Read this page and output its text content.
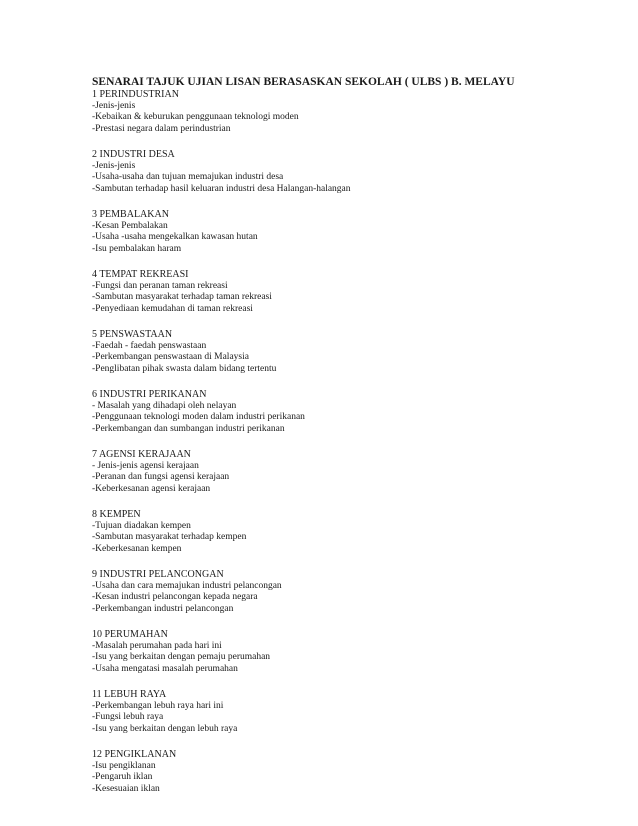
SENARAI TAJUK UJIAN LISAN BERASASKAN SEKOLAH ( ULBS ) B. MELAYU

1 PERINDUSTRIAN

-Jenis-jenis

-Kebaikan & keburukan penggunaan teknologi moden

-Prestasi negara dalam perindustrian

2 INDUSTRI DESA

-Jenis-jenis

-Usaha-usaha dan tujuan memajukan industri desa

-Sambutan terhadap hasil keluaran industri desa Halangan-halangan

3 PEMBALAKAN

-Kesan Pembalakan

-Usaha -usaha mengekalkan kawasan hutan

-Isu pembalakan haram

4 TEMPAT REKREASI

-Fungsi dan peranan taman rekreasi

-Sambutan masyarakat terhadap taman rekreasi

-Penyediaan kemudahan di taman rekreasi

5 PENSWASTAAN

-Faedah - faedah penswastaan

-Perkembangan penswastaan di Malaysia

-Penglibatan pihak swasta dalam bidang tertentu

6 INDUSTRI PERIKANAN

- Masalah yang dihadapi oleh nelayan

-Penggunaan teknologi moden dalam industri perikanan

-Perkembangan dan sumbangan industri perikanan

7 AGENSI KERAJAAN

- Jenis-jenis agensi kerajaan

-Peranan dan fungsi agensi kerajaan

-Keberkesanan agensi kerajaan

8 KEMPEN

-Tujuan diadakan kempen

-Sambutan masyarakat terhadap kempen

-Keberkesanan kempen

9 INDUSTRI PELANCONGAN

-Usaha dan cara memajukan industri pelancongan

-Kesan industri pelancongan kepada negara

-Perkembangan industri pelancongan

10 PERUMAHAN

-Masalah perumahan pada hari ini

-Isu yang berkaitan dengan pemaju perumahan

-Usaha mengatasi masalah perumahan

11 LEBUH RAYA

-Perkembangan lebuh raya hari ini

-Fungsi lebuh raya

-Isu yang berkaitan dengan lebuh raya

12 PENGIKLANAN

-Isu pengiklanan

-Pengaruh iklan

-Kesesuaian iklan
